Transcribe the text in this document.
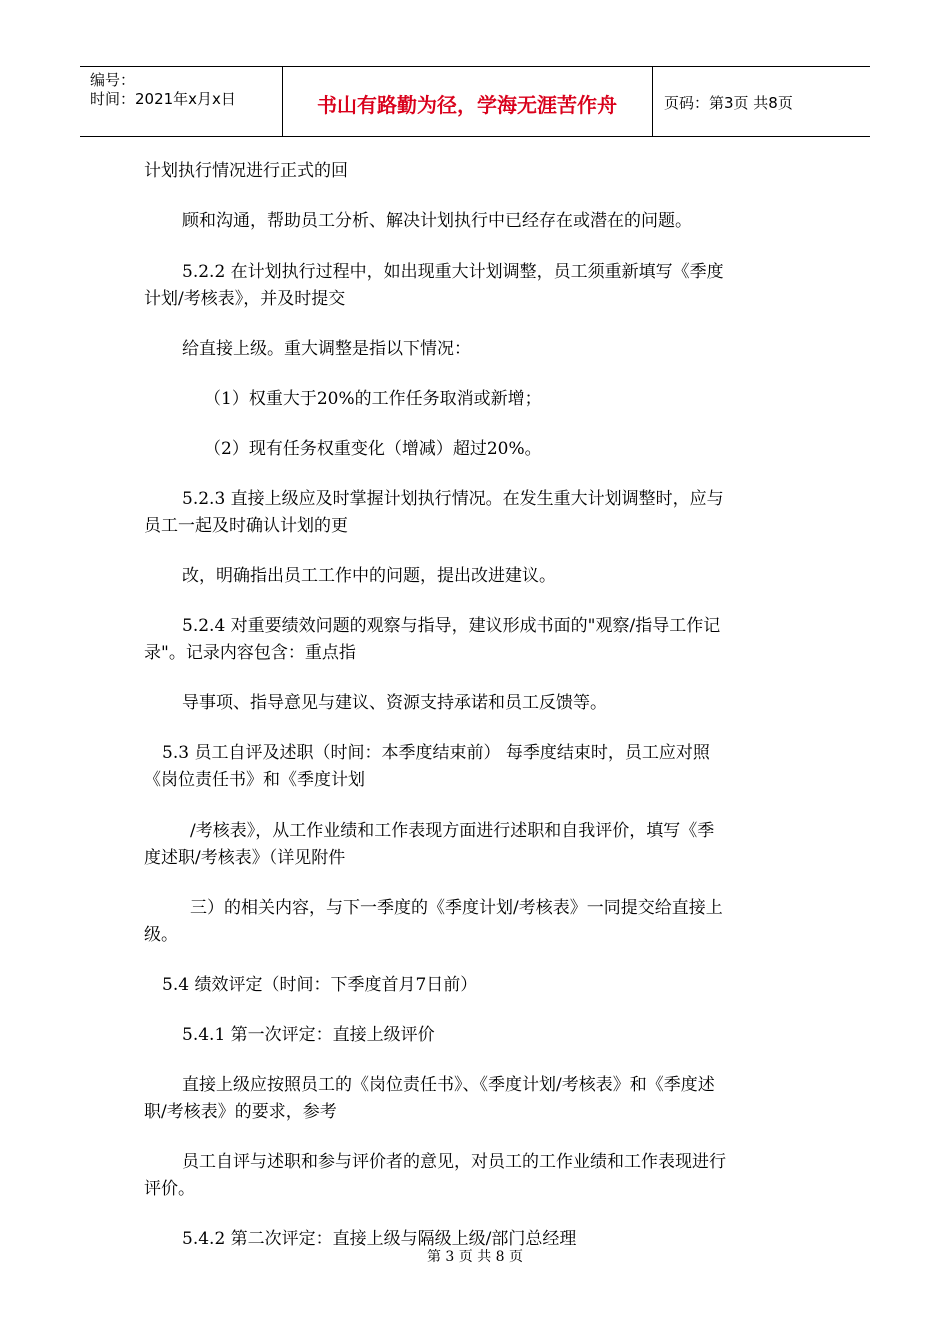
编号：
时间：2021年x月x日	书山有路勤为径，学海无涯苦作舟	页码：第3页 共8页
计划执行情况进行正式的回
顾和沟通，帮助员工分析、解决计划执行中已经存在或潜在的问题。
5.2.2 在计划执行过程中，如出现重大计划调整，员工须重新填写《季度
计划/考核表》，并及时提交
给直接上级。重大调整是指以下情况：
（1）权重大于20%的工作任务取消或新增；
（2）现有任务权重变化（增减）超过20%。
5.2.3 直接上级应及时掌握计划执行情况。在发生重大计划调整时，应与
员工一起及时确认计划的更
改，明确指出员工工作中的问题，提出改进建议。
5.2.4 对重要绩效问题的观察与指导，建议形成书面的"观察/指导工作记
录"。记录内容包含：重点指
导事项、指导意见与建议、资源支持承诺和员工反馈等。
5.3 员工自评及述职（时间：本季度结束前） 每季度结束时，员工应对照
《岗位责任书》和《季度计划
/考核表》，从工作业绩和工作表现方面进行述职和自我评价，填写《季
度述职/考核表》（详见附件
三）的相关内容，与下一季度的《季度计划/考核表》一同提交给直接上
级。
5.4 绩效评定（时间：下季度首月7日前）
5.4.1 第一次评定：直接上级评价
直接上级应按照员工的《岗位责任书》、《季度计划/考核表》和《季度述
职/考核表》的要求，参考
员工自评与述职和参与评价者的意见，对员工的工作业绩和工作表现进行
评价。
5.4.2 第二次评定：直接上级与隔级上级/部门总经理
第 3 页 共 8 页
